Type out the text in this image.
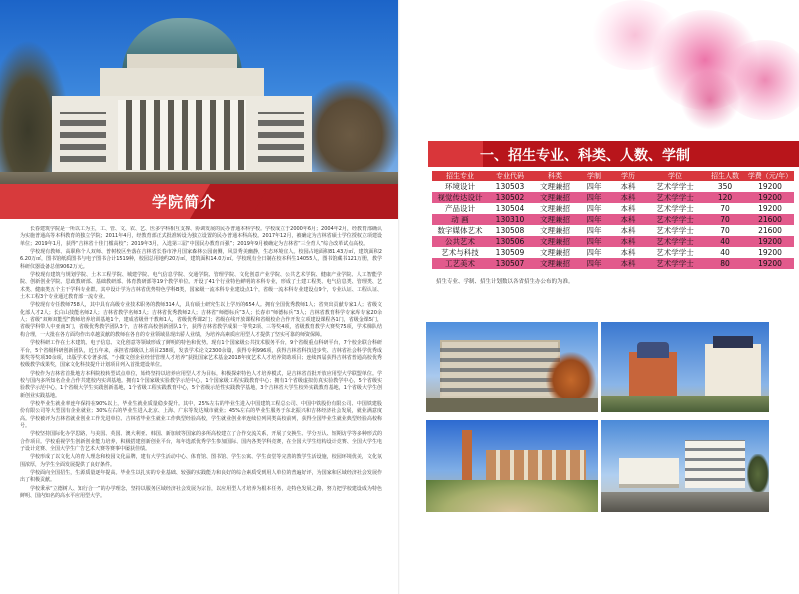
学院简介

长春建筑学院是一所以工为主，工、管、文、农、艺、医多学科相互支撑、协调发展的民办普通本科学校。学校成立于2000年6月；2004年2月，经教育部确认为实施普通高等本科教育的独立学院；2011年4月，经教育部正式批准转设为独立设置的民办普通本科高校。2017年12月，被确定为吉林省硕士学位授权立项建设单位；2019年1月，获得“吉林省十佳门槛高校”；2019年3月，入选第三届“中国民办教育百强”；2019年9月被确定为吉林省“三全育人”综合改革试点高校。

学校现有教师、高职称个人双师、普树校区坐落在吉林省长春市净月国家森林公园南侧，风景秀美幽静，生态环境宜人。校园占地面积81.43万㎡，建筑面积26.20万㎡，图书馆纸质图书与电子图书合计1519种，校园总用地约20万㎡，建筑面积14.0万㎡。学校现有全日制在校本科生14055人，图书馆藏书121万册，教学科研仪器设备总值9062万元。

学校现有建筑与规划学院、土木工程学院、城建学院、电气信息学院、交通学院、管理学院、文化创意产业学院、公共艺术学院、健康产业学院、人工智能学院、创新创业学院、思政教研部、基础教研部、体育教研部等19个教学单位。开设了41个行业特色鲜明的本科专业，形成了土建工程类、电气信息类、管理类、艺术类、健康类五个主干学科专业群。其中设计学为吉林省优势特色学科B类，国家级一流本科专业建设点1个，省级一流本科专业建设点9个，专业认证、工程认证、土木工程3个专业通过教育部一流专业。

学校现有专任教师758人，其中具有高级专业技术职务的教师314人，具有硕士研究生以上学历的654人。拥有全国优秀教师1人；省突出贡献专家1人；省级文化部人才2人；长白山技能名师2人；吉林省教学名师3人；吉林省优秀教师2人；吉林省“师德标兵”3人；长春市“师德标兵”3人；吉林省教育科学专家库专家20余人；省级“双师双能型”教师培养培训基地1个，建成省级骨干教师1人，省级优秀课2门；省级在线开放课程和省级校企合作开发立项建设课程各1门，省级金课5门，省级学科带人中亚南3门，省级优秀教学团队3个，吉林省高校创新团队1个，获得吉林省教学成果一等奖2项、三等奖4项，省级教育教学大赛奖75项，学术梯队结构合理，一大批在各方面均作出卓越贡献的教师在各自的专业领域显现出骄人业绩，为培养高素质应用型人才提供了坚实可靠的师资保障。

学校科研工作在土木建筑、电子信息、文化创意等领域形成了鲜明的特色和优势。现有1个国家级公共技术服务平台，9个省级重点科研平台，7个校企联合科研平台，5个省级科研创新团队，近五年来，承担省部级以上项目238项，发表学术论文2300余篇，获得专利996项，获得吉林省科技进步奖、吉林省社会科学优秀成果奖等奖项30余项，出版学术专著多部，“小微文创企业经营管理人才培养”获批国家艺术基金2018年度艺术人才培养资助项目；连续四届获得吉林省普通高校优秀校级教学成果奖，国家文化科技提升计划项目列入首批建设单位。

学校作为吉林省首批地方本科院校转型试点单位，始终坚持以培养应用型人才为目标，积极探索特色人才培养模式，是吉林省首批开放应用型大学联盟单位。学校与国内多所知名企业合作共建校内实训基地。拥有1个国家级实验教学示范中心，1个国家级工程实践教育中心；拥有1个省级虚拟仿真实验教学中心，5个省级实验教学示范中心，1个省级大学生实践创新基地，1个省级工程实践教育中心，5个省级示范性实践教学基地，3个吉林省大学生校外实践教育基地，1个省级大学生创新创业实践基地。

学校毕业生就业率连年保持在90%以上，毕业生就业质量稳步提升。其中，25%左右的毕业生进入中国建筑工程总公司、中国中铁股份有限公司、中国铁建股份有限公司等大型国有企业就业；30%左右的毕业生进入北京、上海、广东等发达城市就业；45%左右的毕业生服务于东北振兴和吉林经济社会发展，就业满意度高。学校被评为吉林省就业创业工作先进单位、吉林省毕业生就业工作典型经验高校，学生就业创业率连续位列同类高校前列，获得全国毕业生就业典型经验高校称号。

学校坚持国际化办学思路，与美国、英国、澳大利亚、韩国、新加坡等国家的多所高校建立了合作交流关系，开展了交换生、学分互认、短期访学等多种形式的合作项目。学校重视学生创新创业能力培养，积极搭建创新创业平台，每年选派优秀学生参加国际、国内各类学科竞赛，在全国大学生结构设计竞赛、全国大学生电子设计竞赛、全国大学生广告艺术大赛等赛事中屡获佳绩。

学校形成了以文化人的育人理念和校园文化品牌，建有大学生活动中心、体育馆、图书馆、学生公寓、学生食堂等完善的教学生活设施，校园环境优美，文化氛围浓厚，为学生全面发展提供了良好条件。

学校面向全国招生，生源质量逐年提高。毕业生以扎实的专业基础、较强的实践能力和良好的综合素质受到用人单位的普遍好评，为国家和区域经济社会发展作出了积极贡献。

学校秉承“立德树人、知行合一”的办学理念，坚持以服务区域经济社会发展为宗旨，以应用型人才培养为根本任务，走特色发展之路，努力把学校建设成为特色鲜明、国内知名的高水平应用型大学。

一、招生专业、科类、人数、学制
招生专业	专业代码	科类	学制	学历	学位	招生人数	学费（元/年）
环境设计	130503	文理兼招	四年	本科	艺术学学士	350	19200
视觉传达设计	130502	文理兼招	四年	本科	艺术学学士	120	19200
产品设计	130504	文理兼招	四年	本科	艺术学学士	70	19200
动 画	130310	文理兼招	四年	本科	艺术学学士	70	21600
数字媒体艺术	130508	文理兼招	四年	本科	艺术学学士	70	21600
公共艺术	130506	文理兼招	四年	本科	艺术学学士	40	19200
艺术与科技	130509	文理兼招	四年	本科	艺术学学士	40	19200
工艺美术	130507	文理兼招	四年	本科	艺术学学士	80	19200
招生专业、学制、招生计划数以各省招生办公布的为准。
